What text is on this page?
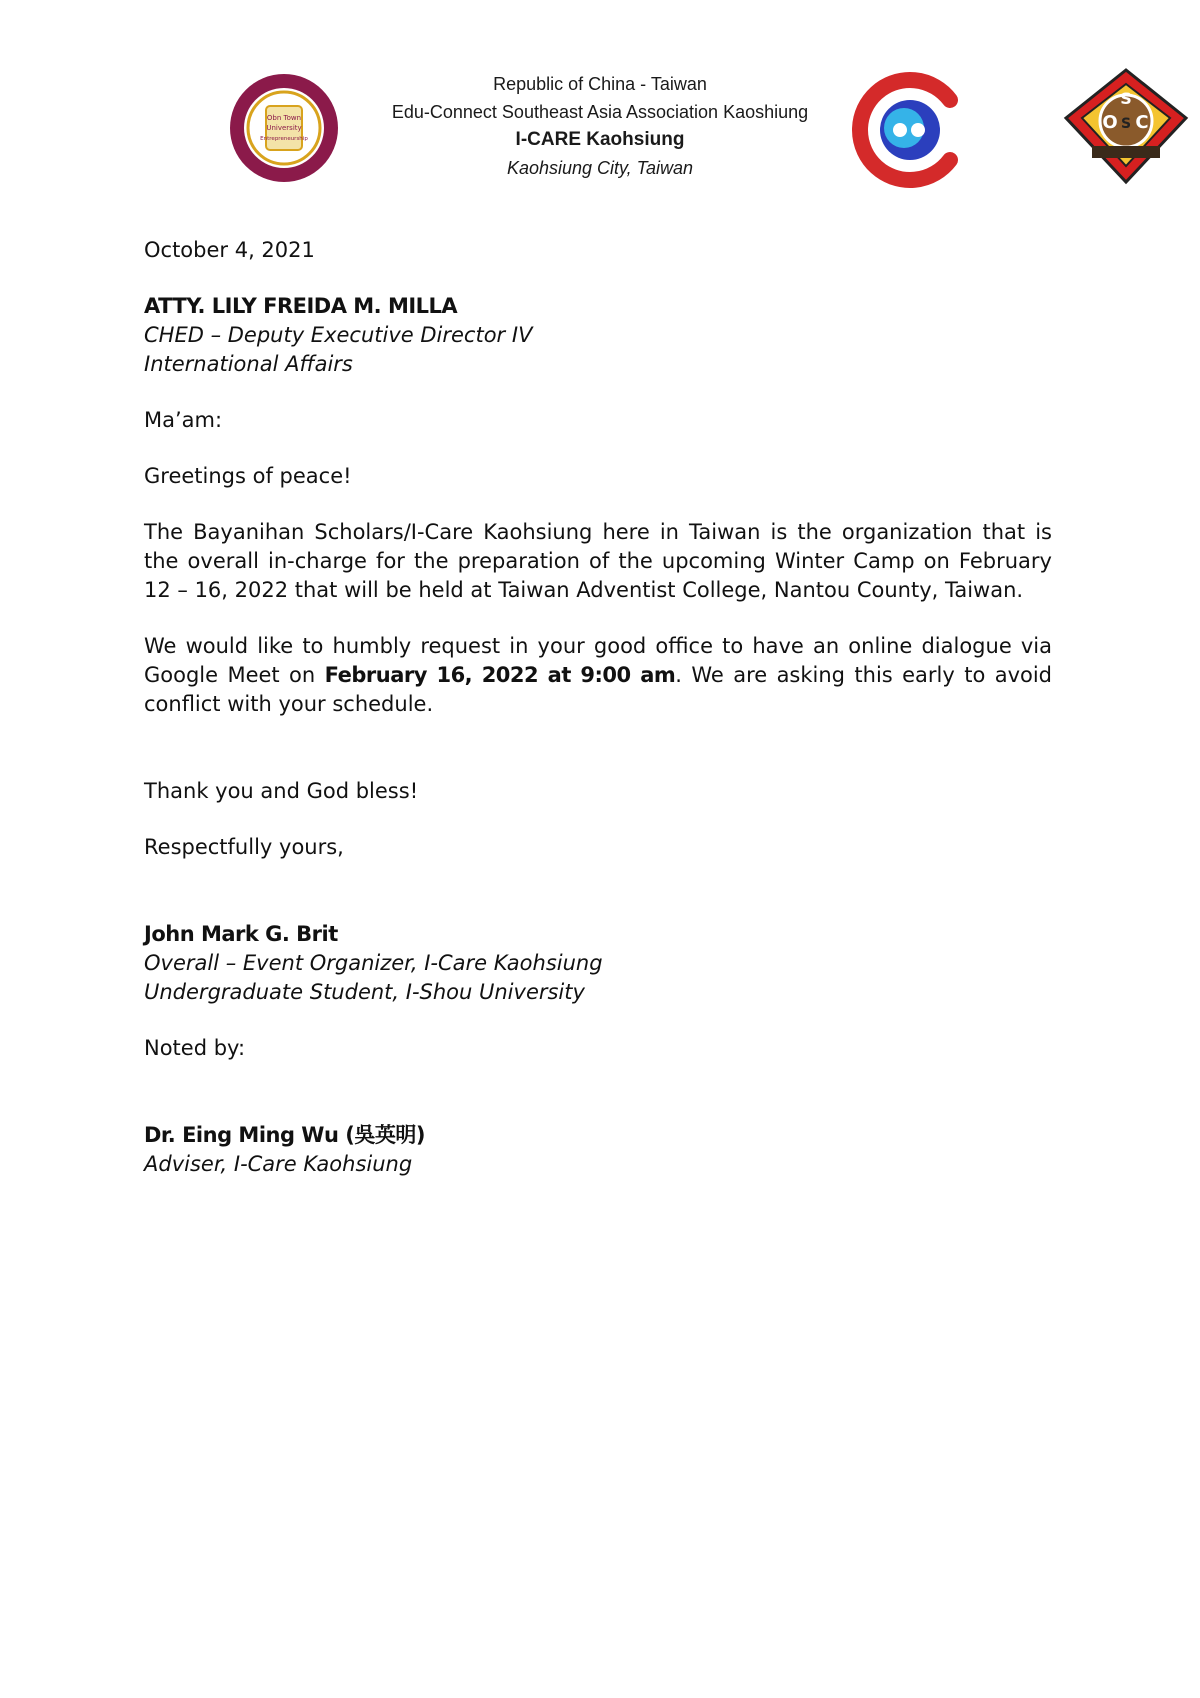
Obn Town
University
Entrepreneurship
Republic of China - Taiwan
Edu-Connect Southeast Asia Association Kaoshiung
I-CARE Kaohsiung
Kaohsiung City, Taiwan
S
O C
S

October 4, 2021

ATTY. LILY FREIDA M. MILLA

CHED – Deputy Executive Director IV

International Affairs

Ma’am:

Greetings of peace!

The Bayanihan Scholars/I-Care Kaohsiung here in Taiwan is the organization that is the overall in-charge for the preparation of the upcoming Winter Camp on February 12 – 16, 2022 that will be held at Taiwan Adventist College, Nantou County, Taiwan.

We would like to humbly request in your good office to have an online dialogue via Google Meet on February 16, 2022 at 9:00 am. We are asking this early to avoid conflict with your schedule.

Thank you and God bless!

Respectfully yours,

John Mark G. Brit

Overall – Event Organizer, I-Care Kaohsiung

Undergraduate Student, I-Shou University

Noted by:

Dr. Eing Ming Wu (吳英明)

Adviser, I-Care Kaohsiung
